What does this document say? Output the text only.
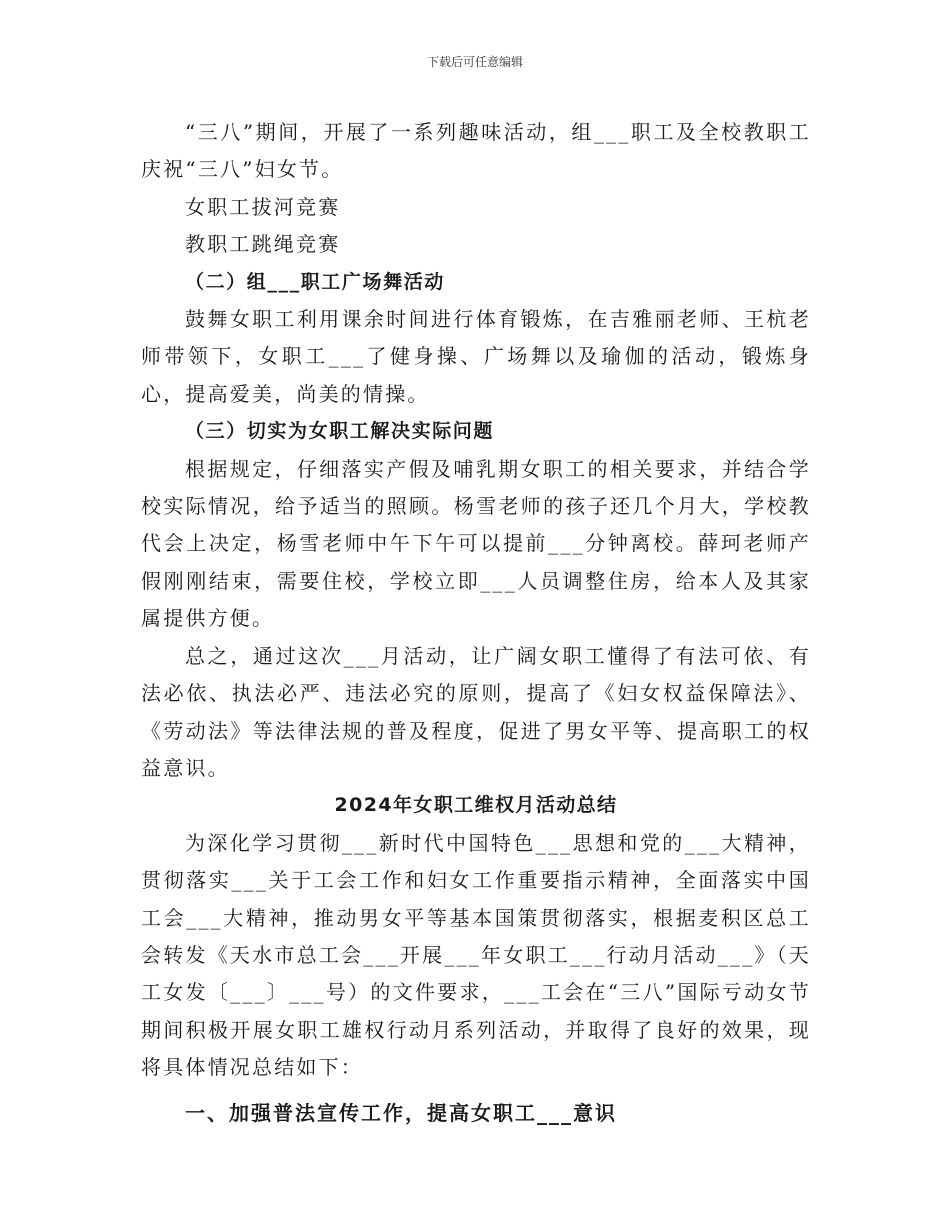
下载后可任意编辑

“三八”期间，开展了一系列趣味活动，组___职工及全校教职工庆祝“三八”妇女节。

女职工拔河竞赛

教职工跳绳竞赛

（二）组___职工广场舞活动

鼓舞女职工利用课余时间进行体育锻炼，在吉雅丽老师、王杭老师带领下，女职工___了健身操、广场舞以及瑜伽的活动，锻炼身心，提高爱美，尚美的情操。

（三）切实为女职工解决实际问题

根据规定，仔细落实产假及哺乳期女职工的相关要求，并结合学校实际情况，给予适当的照顾。杨雪老师的孩子还几个月大，学校教代会上决定，杨雪老师中午下午可以提前___分钟离校。薛珂老师产假刚刚结束，需要住校，学校立即___人员调整住房，给本人及其家属提供方便。

总之，通过这次___月活动，让广阔女职工懂得了有法可依、有法必依、执法必严、违法必究的原则，提高了《妇女权益保障法》、《劳动法》等法律法规的普及程度，促进了男女平等、提高职工的权益意识。

2024年女职工维权月活动总结

为深化学习贯彻___新时代中国特色___思想和党的___大精神，贯彻落实___关于工会工作和妇女工作重要指示精神，全面落实中国工会___大精神，推动男女平等基本国策贯彻落实，根据麦积区总工会转发《天水市总工会___开展___年女职工___行动月活动___》（天工女发〔___〕___号）的文件要求，___工会在“三八”国际亏动女节期间积极开展女职工雄权行动月系列活动，并取得了良好的效果，现将具体情况总结如下：

一、加强普法宣传工作，提高女职工___意识
